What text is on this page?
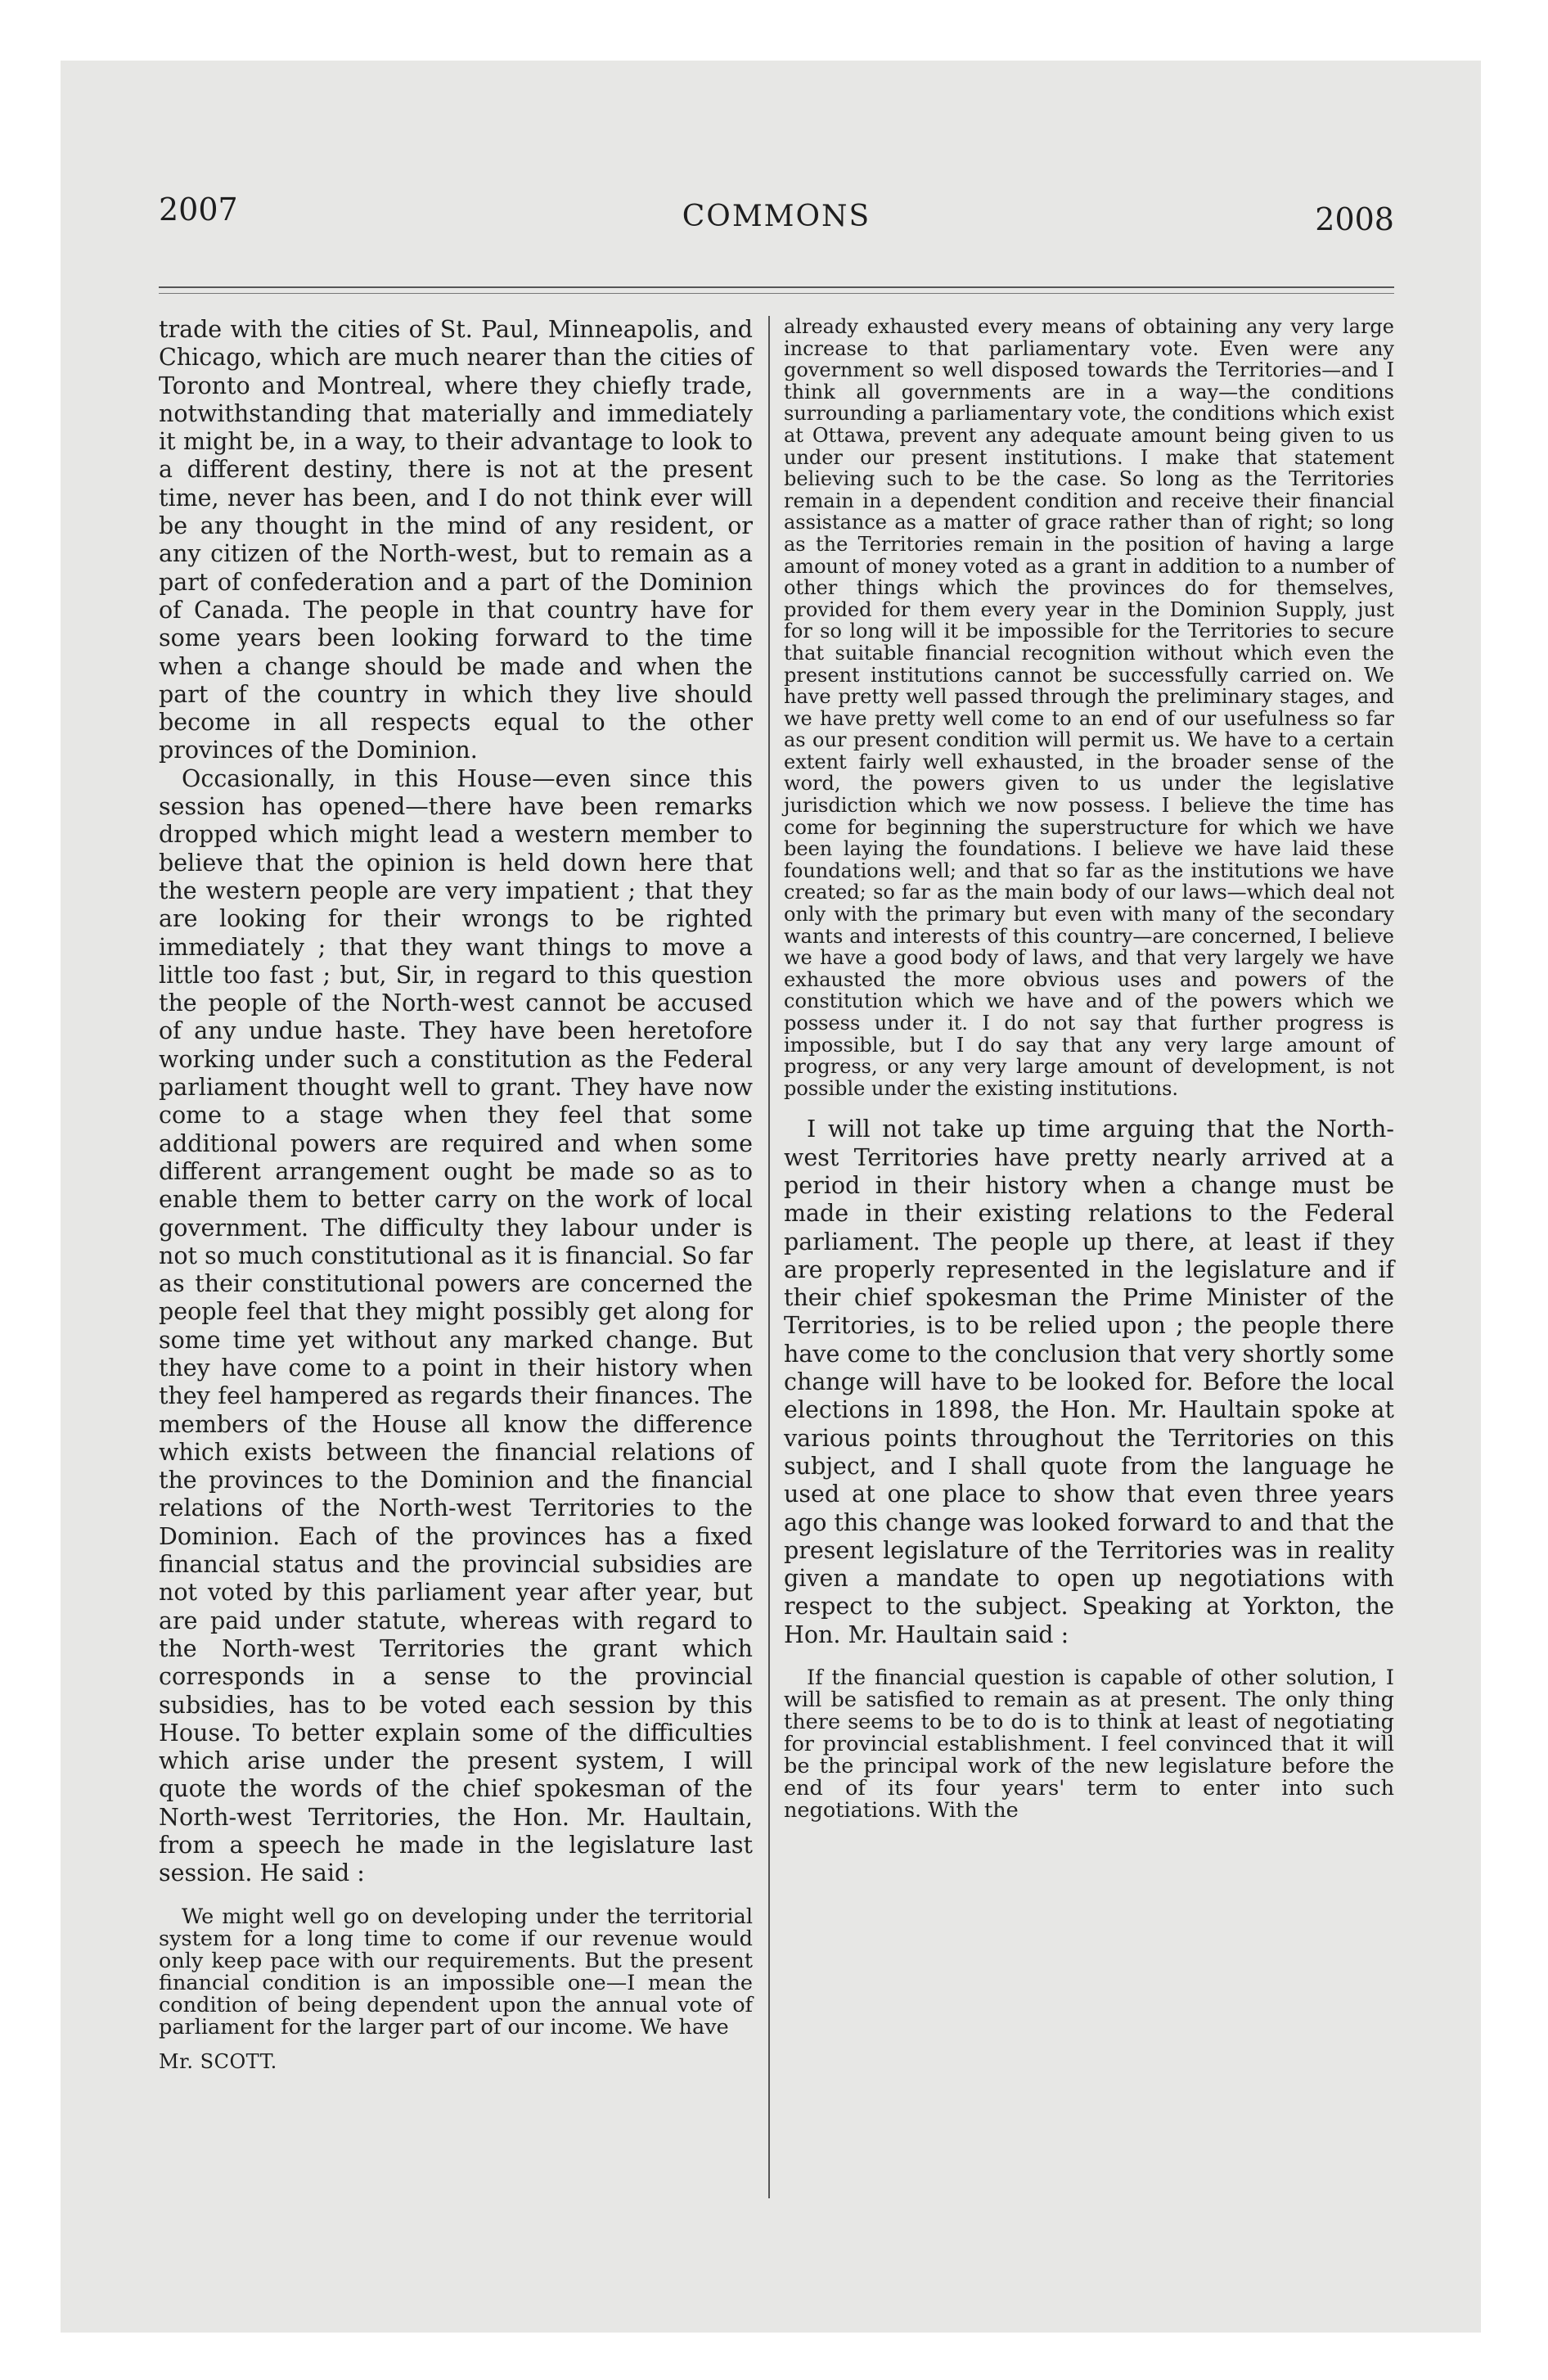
2007	COMMONS	2008

trade with the cities of St. Paul, Minneapolis, and Chicago, which are much nearer than the cities of Toronto and Montreal, where they chiefly trade, notwithstanding that materially and immediately it might be, in a way, to their advantage to look to a different destiny, there is not at the present time, never has been, and I do not think ever will be any thought in the mind of any resident, or any citizen of the North-west, but to remain as a part of confederation and a part of the Dominion of Canada. The people in that country have for some years been looking forward to the time when a change should be made and when the part of the country in which they live should become in all respects equal to the other provinces of the Dominion.

Occasionally, in this House—even since this session has opened—there have been remarks dropped which might lead a western member to believe that the opinion is held down here that the western people are very impatient ; that they are looking for their wrongs to be righted immediately ; that they want things to move a little too fast ; but, Sir, in regard to this question the people of the North-west cannot be accused of any undue haste. They have been heretofore working under such a constitution as the Federal parliament thought well to grant. They have now come to a stage when they feel that some additional powers are required and when some different arrangement ought be made so as to enable them to better carry on the work of local government. The difficulty they labour under is not so much constitutional as it is financial. So far as their constitutional powers are concerned the people feel that they might possibly get along for some time yet without any marked change. But they have come to a point in their history when they feel hampered as regards their finances. The members of the House all know the difference which exists between the financial relations of the provinces to the Dominion and the financial relations of the North-west Territories to the Dominion. Each of the provinces has a fixed financial status and the provincial subsidies are not voted by this parliament year after year, but are paid under statute, whereas with regard to the North-west Territories the grant which corresponds in a sense to the provincial subsidies, has to be voted each session by this House. To better explain some of the difficulties which arise under the present system, I will quote the words of the chief spokesman of the North-west Territories, the Hon. Mr. Haultain, from a speech he made in the legislature last session. He said :

We might well go on developing under the territorial system for a long time to come if our revenue would only keep pace with our requirements. But the present financial condition is an impossible one—I mean the condition of being dependent upon the annual vote of parliament for the larger part of our income. We have

Mr. SCOTT.

already exhausted every means of obtaining any very large increase to that parliamentary vote. Even were any government so well disposed towards the Territories—and I think all governments are in a way—the conditions surrounding a parliamentary vote, the conditions which exist at Ottawa, prevent any adequate amount being given to us under our present institutions. I make that statement believing such to be the case. So long as the Territories remain in a dependent condition and receive their financial assistance as a matter of grace rather than of right; so long as the Territories remain in the position of having a large amount of money voted as a grant in addition to a number of other things which the provinces do for themselves, provided for them every year in the Dominion Supply, just for so long will it be impossible for the Territories to secure that suitable financial recognition without which even the present institutions cannot be successfully carried on. We have pretty well passed through the preliminary stages, and we have pretty well come to an end of our usefulness so far as our present condition will permit us. We have to a certain extent fairly well exhausted, in the broader sense of the word, the powers given to us under the legislative jurisdiction which we now possess. I believe the time has come for beginning the superstructure for which we have been laying the foundations. I believe we have laid these foundations well; and that so far as the institutions we have created; so far as the main body of our laws—which deal not only with the primary but even with many of the secondary wants and interests of this country—are concerned, I believe we have a good body of laws, and that very largely we have exhausted the more obvious uses and powers of the constitution which we have and of the powers which we possess under it. I do not say that further progress is impossible, but I do say that any very large amount of progress, or any very large amount of development, is not possible under the existing institutions.

I will not take up time arguing that the North-west Territories have pretty nearly arrived at a period in their history when a change must be made in their existing relations to the Federal parliament. The people up there, at least if they are properly represented in the legislature and if their chief spokesman the Prime Minister of the Territories, is to be relied upon ; the people there have come to the conclusion that very shortly some change will have to be looked for. Before the local elections in 1898, the Hon. Mr. Haultain spoke at various points throughout the Territories on this subject, and I shall quote from the language he used at one place to show that even three years ago this change was looked forward to and that the present legislature of the Territories was in reality given a mandate to open up negotiations with respect to the subject. Speaking at Yorkton, the Hon. Mr. Haultain said :

If the financial question is capable of other solution, I will be satisfied to remain as at present. The only thing there seems to be to do is to think at least of negotiating for provincial establishment. I feel convinced that it will be the principal work of the new legislature before the end of its four years' term to enter into such negotiations. With the
